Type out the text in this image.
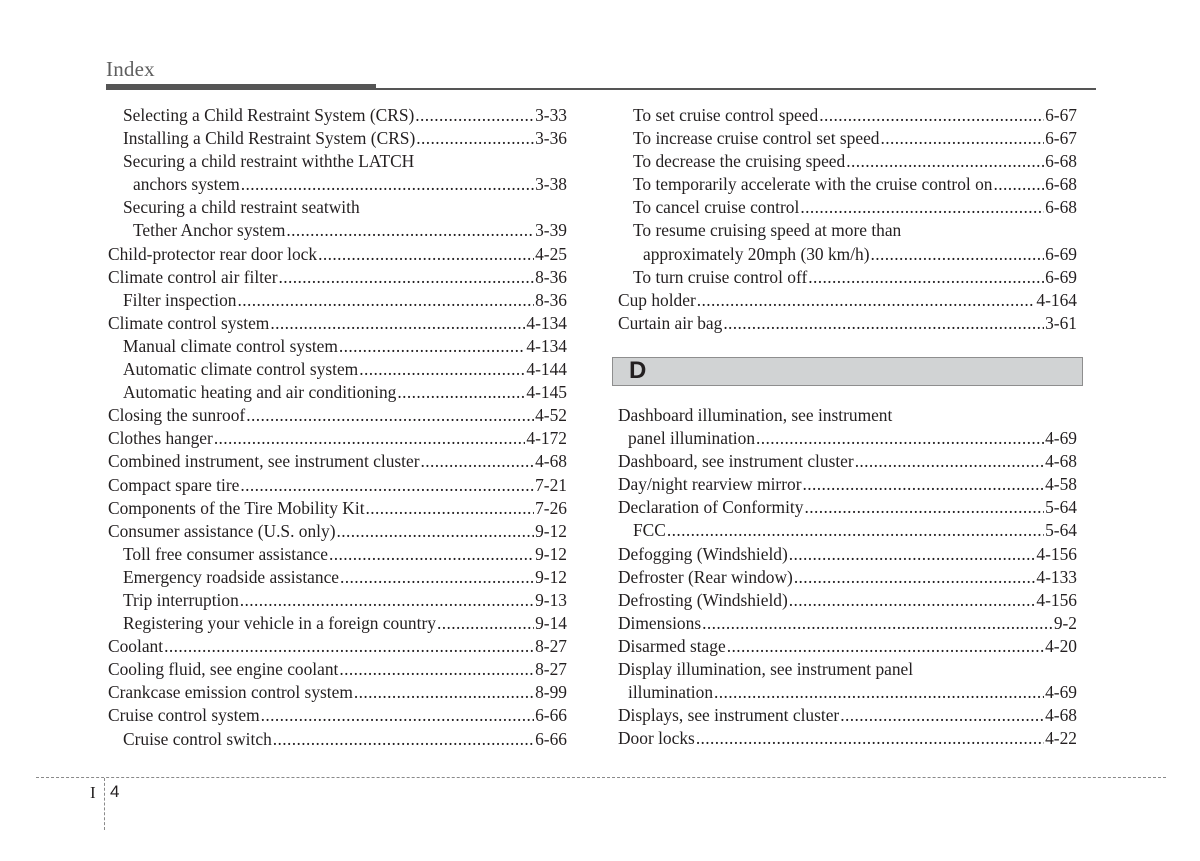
Index
Selecting a Child Restraint System (CRS) .....	3-33
Installing a Child Restraint System (CRS) .....	3-36
Securing a child restraint withthe LATCH
anchors system .....	3-38
Securing a child restraint seatwith
Tether Anchor system .....	3-39
Child-protector rear door lock .....	4-25
Climate control air filter .....	8-36
Filter inspection .....	8-36
Climate control system .....	4-134
Manual climate control system .....	4-134
Automatic climate control system .....	4-144
Automatic heating and air conditioning .....	4-145
Closing the sunroof .....	4-52
Clothes hanger .....	4-172
Combined instrument, see instrument cluster .....	4-68
Compact spare tire .....	7-21
Components of the Tire Mobility Kit .....	7-26
Consumer assistance (U.S. only) .....	9-12
Toll free consumer assistance .....	9-12
Emergency roadside assistance .....	9-12
Trip interruption .....	9-13
Registering your vehicle in a foreign country .....	9-14
Coolant .....	8-27
Cooling fluid, see engine coolant .....	8-27
Crankcase emission control system .....	8-99
Cruise control system .....	6-66
Cruise control switch .....	6-66
To set cruise control speed .....	6-67
To increase cruise control set speed .....	6-67
To decrease the cruising speed .....	6-68
To temporarily accelerate with the cruise control on .....	6-68
To cancel cruise control .....	6-68
To resume cruising speed at more than
approximately 20mph (30 km/h) .....	6-69
To turn cruise control off .....	6-69
Cup holder .....	4-164
Curtain air bag .....	3-61
D
Dashboard illumination, see instrument
panel illumination .....	4-69
Dashboard, see instrument cluster .....	4-68
Day/night rearview mirror .....	4-58
Declaration of Conformity .....	5-64
FCC .....	5-64
Defogging (Windshield) .....	4-156
Defroster (Rear window) .....	4-133
Defrosting (Windshield) .....	4-156
Dimensions .....	9-2
Disarmed stage .....	4-20
Display illumination, see instrument panel
illumination .....	4-69
Displays, see instrument cluster .....	4-68
Door locks .....	4-22
I 4
